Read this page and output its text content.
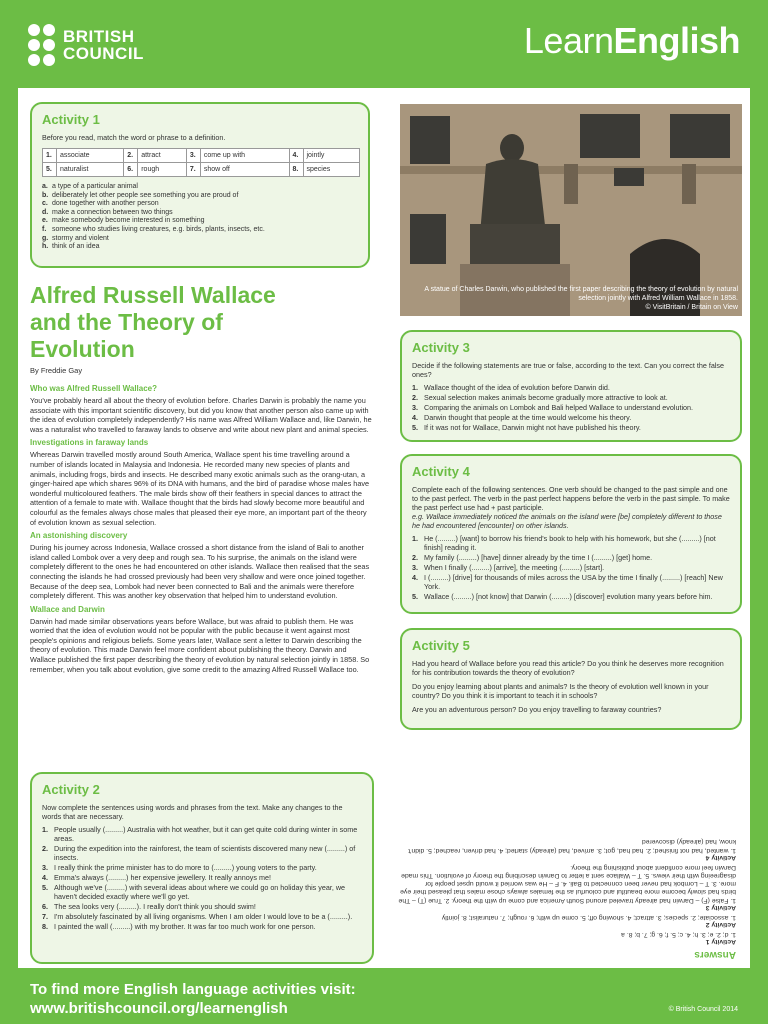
BRITISH
COUNCIL	LearnEnglish
Activity 1

Before you read, match the word or phrase to a definition.

1.	associate	2.	attract	3.	come up with	4.	jointly
5.	naturalist	6.	rough	7.	show off	8.	species
a. a type of a particular animal
b. deliberately let other people see something you are proud of
c. done together with another person
d. make a connection between two things
e. make somebody become interested in something
f. someone who studies living creatures, e.g. birds, plants, insects, etc.
g. stormy and violent
h. think of an idea
A statue of Charles Darwin, who published the first paper describing the theory of evolution by natural selection jointly with Alfred William Wallace in 1858.
© VisitBritain / Britain on View
Alfred Russell Wallace
and the Theory of
Evolution
By Freddie Gay
Who was Alfred Russell Wallace?

You've probably heard all about the theory of evolution before. Charles Darwin is probably the name you associate with this important scientific discovery, but did you know that another person also came up with the idea of evolution completely independently? His name was Alfred William Wallace and, like Darwin, he was a naturalist who travelled to faraway lands to observe and write about new plant and animal species.

Investigations in faraway lands

Whereas Darwin travelled mostly around South America, Wallace spent his time travelling around a number of islands located in Malaysia and Indonesia. He recorded many new species of plants and animals, including frogs, birds and insects. He described many exotic animals such as the orang-utan, a ginger-haired ape which shares 96% of its DNA with humans, and the bird of paradise whose males have wonderful multicoloured feathers. The male birds show off their feathers in special dances to attract the attention of a female to mate with. Wallace thought that the birds had slowly become more beautiful and colourful as the females always chose males that pleased their eye more, an important part of the theory of evolution known as sexual selection.

An astonishing discovery

During his journey across Indonesia, Wallace crossed a short distance from the island of Bali to another island called Lombok over a very deep and rough sea. To his surprise, the animals on the island were completely different to the ones he had encountered on other islands. Wallace then realised that the seas connecting the islands he had crossed previously had been very shallow and were once joined together. Because of the deep sea, Lombok had never been connected to Bali and the animals were therefore completely different. This was another key observation that helped him to understand evolution.

Wallace and Darwin

Darwin had made similar observations years before Wallace, but was afraid to publish them. He was worried that the idea of evolution would not be popular with the public because it went against most people's opinions and religious beliefs. Some years later, Wallace sent a letter to Darwin describing the theory of evolution. This made Darwin feel more confident about publishing the theory. Darwin and Wallace published the first paper describing the theory of evolution by natural selection jointly in 1858. So remember, when you talk about evolution, give some credit to the amazing Alfred Russell Wallace too.

Activity 3

Decide if the following statements are true or false, according to the text. Can you correct the false ones?

1. Wallace thought of the idea of evolution before Darwin did.
2. Sexual selection makes animals become gradually more attractive to look at.
3. Comparing the animals on Lombok and Bali helped Wallace to understand evolution.
4. Darwin thought that people at the time would welcome his theory.
5. If it was not for Wallace, Darwin might not have published his theory.
Activity 4

Complete each of the following sentences. One verb should be changed to the past simple and one to the past perfect. The verb in the past perfect happens before the verb in the past simple. To make the past perfect use had + past participle.

e.g. Wallace immediately noticed the animals on the island were [be] completely different to those he had encountered [encounter] on other islands.

1. He (.........) [want] to borrow his friend's book to help with his homework, but she (.........) [not finish] reading it.
2. My family (.........) [have] dinner already by the time I (.........) [get] home.
3. When I finally (.........) [arrive], the meeting (.........) [start].
4. I (.........) [drive] for thousands of miles across the USA by the time I finally (.........) [reach] New York.
5. Wallace (.........) [not know] that Darwin (.........) [discover] evolution many years before him.
Activity 5

Had you heard of Wallace before you read this article? Do you think he deserves more recognition for his contribution towards the theory of evolution?

Do you enjoy learning about plants and animals? Is the theory of evolution well known in your country? Do you think it is important to teach it in schools?

Are you an adventurous person? Do you enjoy travelling to faraway countries?

Activity 2

Now complete the sentences using words and phrases from the text. Make any changes to the words that are necessary.

1. People usually (.........) Australia with hot weather, but it can get quite cold during winter in some areas.
2. During the expedition into the rainforest, the team of scientists discovered many new (.........) of insects.
3. I really think the prime minister has to do more to (.........) young voters to the party.
4. Emma's always (.........) her expensive jewellery. It really annoys me!
5. Although we've (.........) with several ideas about where we could go on holiday this year, we haven't decided exactly where we'll go yet.
6. The sea looks very (.........). I really don't think you should swim!
7. I'm absolutely fascinated by all living organisms. When I am older I would love to be a (.........).
8. I painted the wall (.........) with my brother. It was far too much work for one person.
Answers
Activity 1

1. d; 2. e; 3. h; 4. c; 5. f; 6. g; 7. b; 8. a

Activity 2

1. associate; 2. species; 3. attract; 4. showing off; 5. come up with; 6. rough; 7. naturalist; 8. jointly

Activity 3

1. False (F) – Darwin had already traveled around South America and come up with the theory. 2. True (T) – The birds had slowly become more beautiful and colourful as the females always chose males that pleased their eye more. 3. T – Lombok had never been connected to Bali. 4. F – He was worried it would upset people for disagreeing with their views. 5. T – Wallace sent a letter to Darwin describing the theory of evolution. This made Darwin feel more confident about publishing the theory.

Activity 4

1. wanted, had not finished; 2. had had, got; 3. arrived, had (already) started; 4. had driven, reached; 5. didn't know, had (already) discovered

To find more English language activities visit:
www.britishcouncil.org/learnenglish	© British Council 2014
